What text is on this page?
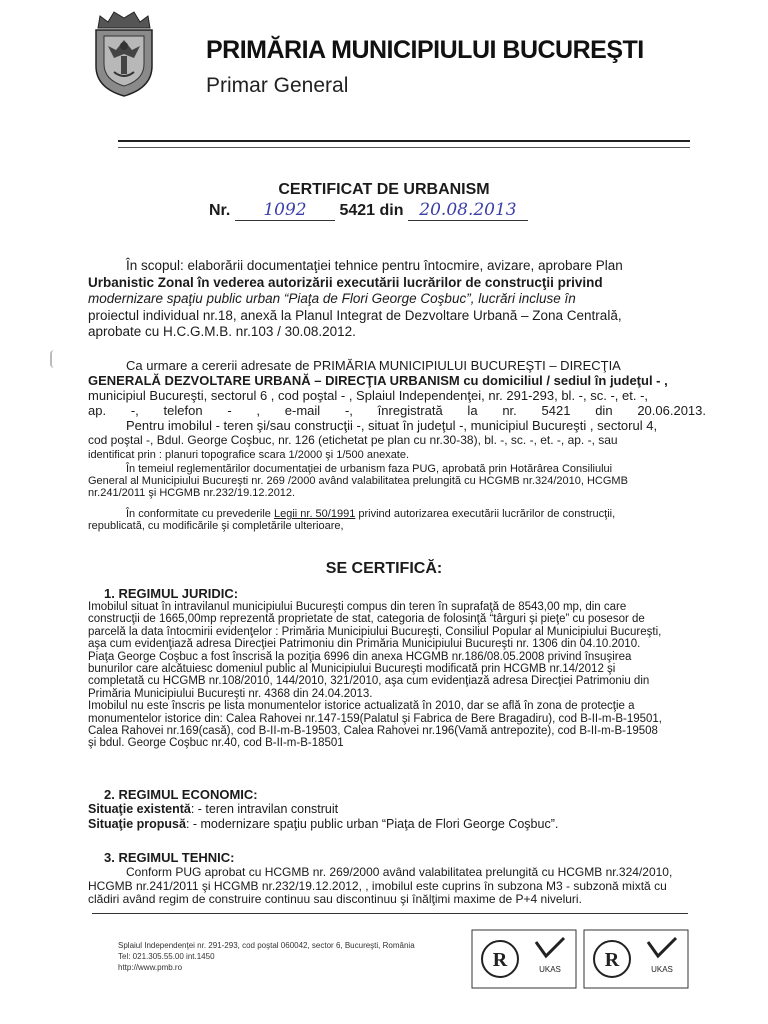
PRIMĂRIA MUNICIPIULUI BUCUREŞTI
Primar General
CERTIFICAT DE URBANISM
Nr. 1092 5421 din 20.08.2013
În scopul: elaborării documentaţiei tehnice pentru întocmire, avizare, aprobare Plan
Urbanistic Zonal în vederea autorizării executării lucrărilor de construcţii privind
modernizare spaţiu public urban “Piaţa de Flori George Coşbuc”, lucrări incluse în
proiectul individual nr.18, anexă la Planul Integrat de Dezvoltare Urbană – Zona Centrală,
aprobate cu H.C.G.M.B. nr.103 / 30.08.2012.
Ca urmare a cererii adresate de PRIMĂRIA MUNICIPIULUI BUCUREŞTI – DIRECŢIA
GENERALĂ DEZVOLTARE URBANĂ – DIRECŢIA URBANISM cu domiciliul / sediul în judeţul - ,
municipiul Bucureşti, sectorul 6 , cod poştal - , Splaiul Independenţei, nr. 291-293, bl. -, sc. -, et. -,
ap. -, telefon - , e-mail -, înregistrată la nr. 5421 din 20.06.2013.
Pentru imobilul - teren şi/sau construcţii -, situat în judeţul -, municipiul Bucureşti , sectorul 4,
cod poştal -, Bdul. George Coşbuc, nr. 126 (etichetat pe plan cu nr.30-38), bl. -, sc. -, et. -, ap. -, sau
identificat prin : planuri topografice scara 1/2000 şi 1/500 anexate.
În temeiul reglementărilor documentaţiei de urbanism faza PUG, aprobată prin Hotărârea Consiliului
General al Municipiului Bucureşti nr. 269 /2000 având valabilitatea prelungită cu HCGMB nr.324/2010, HCGMB
nr.241/2011 şi HCGMB nr.232/19.12.2012.
În conformitate cu prevederile Legii nr. 50/1991 privind autorizarea executării lucrărilor de construcţii,
republicată, cu modificările şi completările ulterioare,
SE CERTIFICĂ:
1. REGIMUL JURIDIC:
Imobilul situat în intravilanul municipiului Bucureşti compus din teren în suprafaţă de 8543,00 mp, din care
construcţii de 1665,00mp reprezentă proprietate de stat, categoria de folosinţă “târguri şi pieţe” cu posesor de
parcelă la data întocmirii evidenţelor : Primăria Municipiului Bucureşti, Consiliul Popular al Municipiului Bucureşti,
aşa cum evidenţiază adresa Direcţiei Patrimoniu din Primăria Municipiului Bucureşti nr. 1306 din 04.10.2010.
Piaţa George Coşbuc a fost înscrisă la poziţia 6996 din anexa HCGMB nr.186/08.05.2008 privind însuşirea
bunurilor care alcătuiesc domeniul public al Municipiului Bucureşti modificată prin HCGMB nr.14/2012 şi
completată cu HCGMB nr.108/2010, 144/2010, 321/2010, aşa cum evidenţiază adresa Direcţiei Patrimoniu din
Primăria Municipiului Bucureşti nr. 4368 din 24.04.2013.
Imobilul nu este înscris pe lista monumentelor istorice actualizată în 2010, dar se află în zona de protecţie a
monumentelor istorice din: Calea Rahovei nr.147-159(Palatul şi Fabrica de Bere Bragadiru), cod B-II-m-B-19501,
Calea Rahovei nr.169(casă), cod B-II-m-B-19503, Calea Rahovei nr.196(Vamă antrepozite), cod B-II-m-B-19508
şi bdul. George Coşbuc nr.40, cod B-II-m-B-18501
2. REGIMUL ECONOMIC:
Situaţie existentă: - teren intravilan construit
Situaţie propusă: - modernizare spaţiu public urban “Piaţa de Flori George Coşbuc”.
3. REGIMUL TEHNIC:
Conform PUG aprobat cu HCGMB nr. 269/2000 având valabilitatea prelungită cu HCGMB nr.324/2010,
HCGMB nr.241/2011 şi HCGMB nr.232/19.12.2012, , imobilul este cuprins în subzona M3 - subzonă mixtă cu
clădiri având regim de construire continuu sau discontinuu şi înălţimi maxime de P+4 niveluri.
Splaiul Independenţei nr. 291-293, cod poştal 060042, sector 6, Bucureşti, România
Tel: 021.305.55.00 int.1450
http://www.pmb.ro	R	UKAS R	UKAS
